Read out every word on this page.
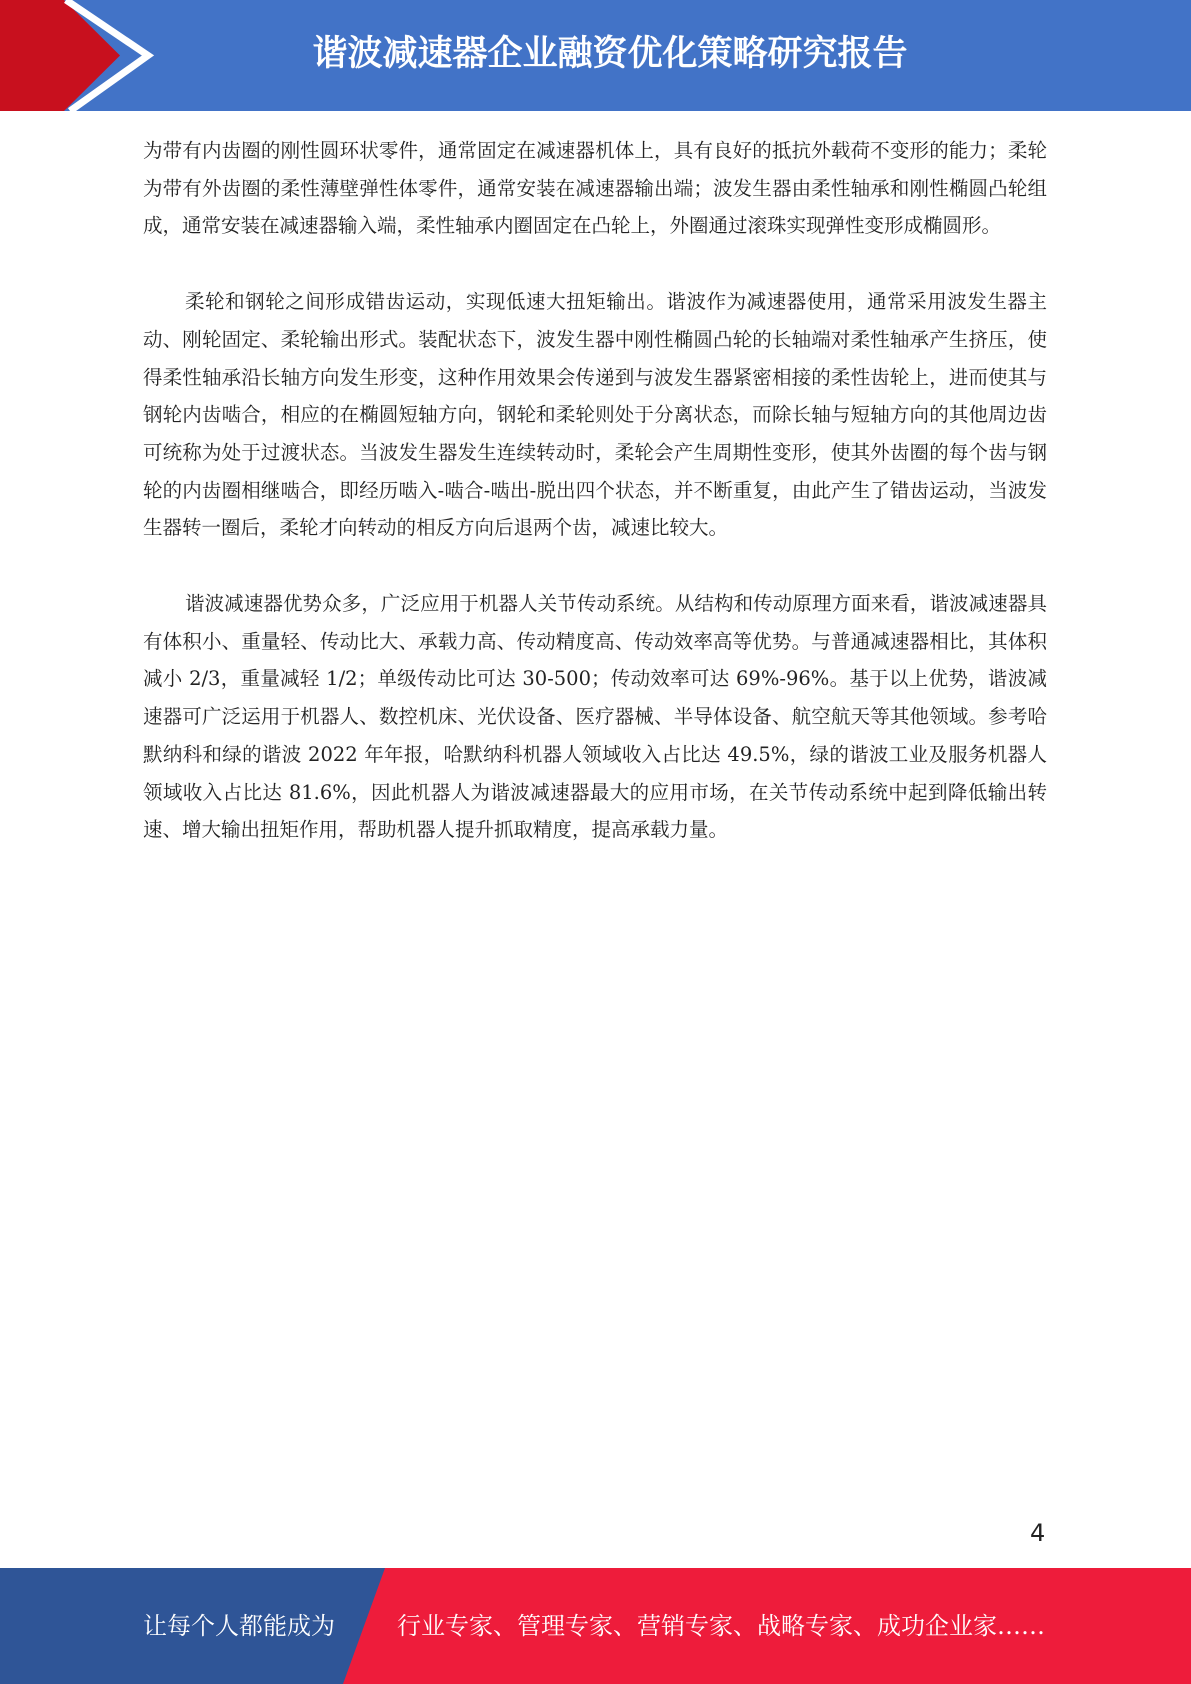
谐波减速器企业融资优化策略研究报告

为带有内齿圈的刚性圆环状零件，通常固定在减速器机体上，具有良好的抵抗外载荷不变形的能力；柔轮为带有外齿圈的柔性薄壁弹性体零件，通常安装在减速器输出端；波发生器由柔性轴承和刚性椭圆凸轮组成，通常安装在减速器输入端，柔性轴承内圈固定在凸轮上，外圈通过滚珠实现弹性变形成椭圆形。

柔轮和钢轮之间形成错齿运动，实现低速大扭矩输出。谐波作为减速器使用，通常采用波发生器主动、刚轮固定、柔轮输出形式。装配状态下，波发生器中刚性椭圆凸轮的长轴端对柔性轴承产生挤压，使得柔性轴承沿长轴方向发生形变，这种作用效果会传递到与波发生器紧密相接的柔性齿轮上，进而使其与钢轮内齿啮合，相应的在椭圆短轴方向，钢轮和柔轮则处于分离状态，而除长轴与短轴方向的其他周边齿可统称为处于过渡状态。当波发生器发生连续转动时，柔轮会产生周期性变形，使其外齿圈的每个齿与钢轮的内齿圈相继啮合，即经历啮入-啮合-啮出-脱出四个状态，并不断重复，由此产生了错齿运动，当波发生器转一圈后，柔轮才向转动的相反方向后退两个齿，减速比较大。

谐波减速器优势众多，广泛应用于机器人关节传动系统。从结构和传动原理方面来看，谐波减速器具有体积小、重量轻、传动比大、承载力高、传动精度高、传动效率高等优势。与普通减速器相比，其体积减小 2/3，重量减轻 1/2；单级传动比可达 30-500；传动效率可达 69%-96%。基于以上优势，谐波减速器可广泛运用于机器人、数控机床、光伏设备、医疗器械、半导体设备、航空航天等其他领域。参考哈默纳科和绿的谐波 2022 年年报，哈默纳科机器人领域收入占比达 49.5%，绿的谐波工业及服务机器人领域收入占比达 81.6%，因此机器人为谐波减速器最大的应用市场，在关节传动系统中起到降低输出转速、增大输出扭矩作用，帮助机器人提升抓取精度，提高承载力量。

4
让每个人都能成为	行业专家、管理专家、营销专家、战略专家、成功企业家……
